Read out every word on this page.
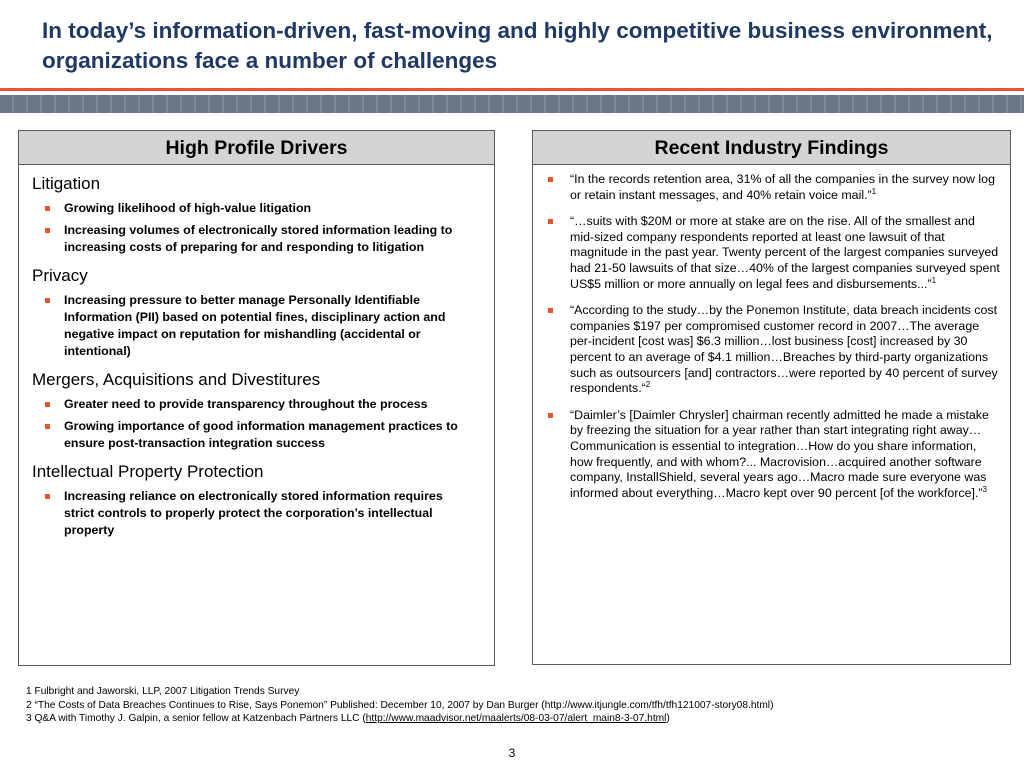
In today’s information-driven, fast-moving and highly competitive business environment, organizations face a number of challenges
High Profile Drivers
Litigation
Growing likelihood of high-value litigation
Increasing volumes of electronically stored information leading to increasing costs of preparing for and responding to litigation
Privacy
Increasing pressure to better manage Personally Identifiable Information (PII) based on potential fines, disciplinary action and negative impact on reputation for mishandling (accidental or intentional)
Mergers, Acquisitions and Divestitures
Greater need to provide transparency throughout the process
Growing importance of good information management practices to ensure post-transaction integration success
Intellectual Property Protection
Increasing reliance on electronically stored information requires strict controls to properly protect the corporation’s intellectual property
Recent Industry Findings
“In the records retention area, 31% of all the companies in the survey now log or retain instant messages, and 40% retain voice mail.”$^1$
“…suits with $20M or more at stake are on the rise. All of the smallest and mid-sized company respondents reported at least one lawsuit of that magnitude in the past year. Twenty percent of the largest companies surveyed had 21-50 lawsuits of that size…40% of the largest companies surveyed spent US$5 million or more annually on legal fees and disbursements...”$^1$
“According to the study…by the Ponemon Institute, data breach incidents cost companies $197 per compromised customer record in 2007…The average per-incident [cost was] $6.3 million…lost business [cost] increased by 30 percent to an average of $4.1 million…Breaches by third-party organizations such as outsourcers [and] contractors…were reported by 40 percent of survey respondents.“$^2$
“Daimler’s [Daimler Chrysler] chairman recently admitted he made a mistake by freezing the situation for a year rather than start integrating right away… Communication is essential to integration…How do you share information, how frequently, and with whom?... Macrovision…acquired another software company, InstallShield, several years ago…Macro made sure everyone was informed about everything…Macro kept over 90 percent [of the workforce].”$^3$
1 Fulbright and Jaworski, LLP, 2007 Litigation Trends Survey
2 “The Costs of Data Breaches Continues to Rise, Says Ponemon” Published: December 10, 2007 by Dan Burger (http://www.itjungle.com/tfh/tfh121007-story08.html)
3 Q&A with Timothy J. Galpin, a senior fellow at Katzenbach Partners LLC (http://www.maadvisor.net/maalerts/08-03-07/alert_main8-3-07.html)
3
